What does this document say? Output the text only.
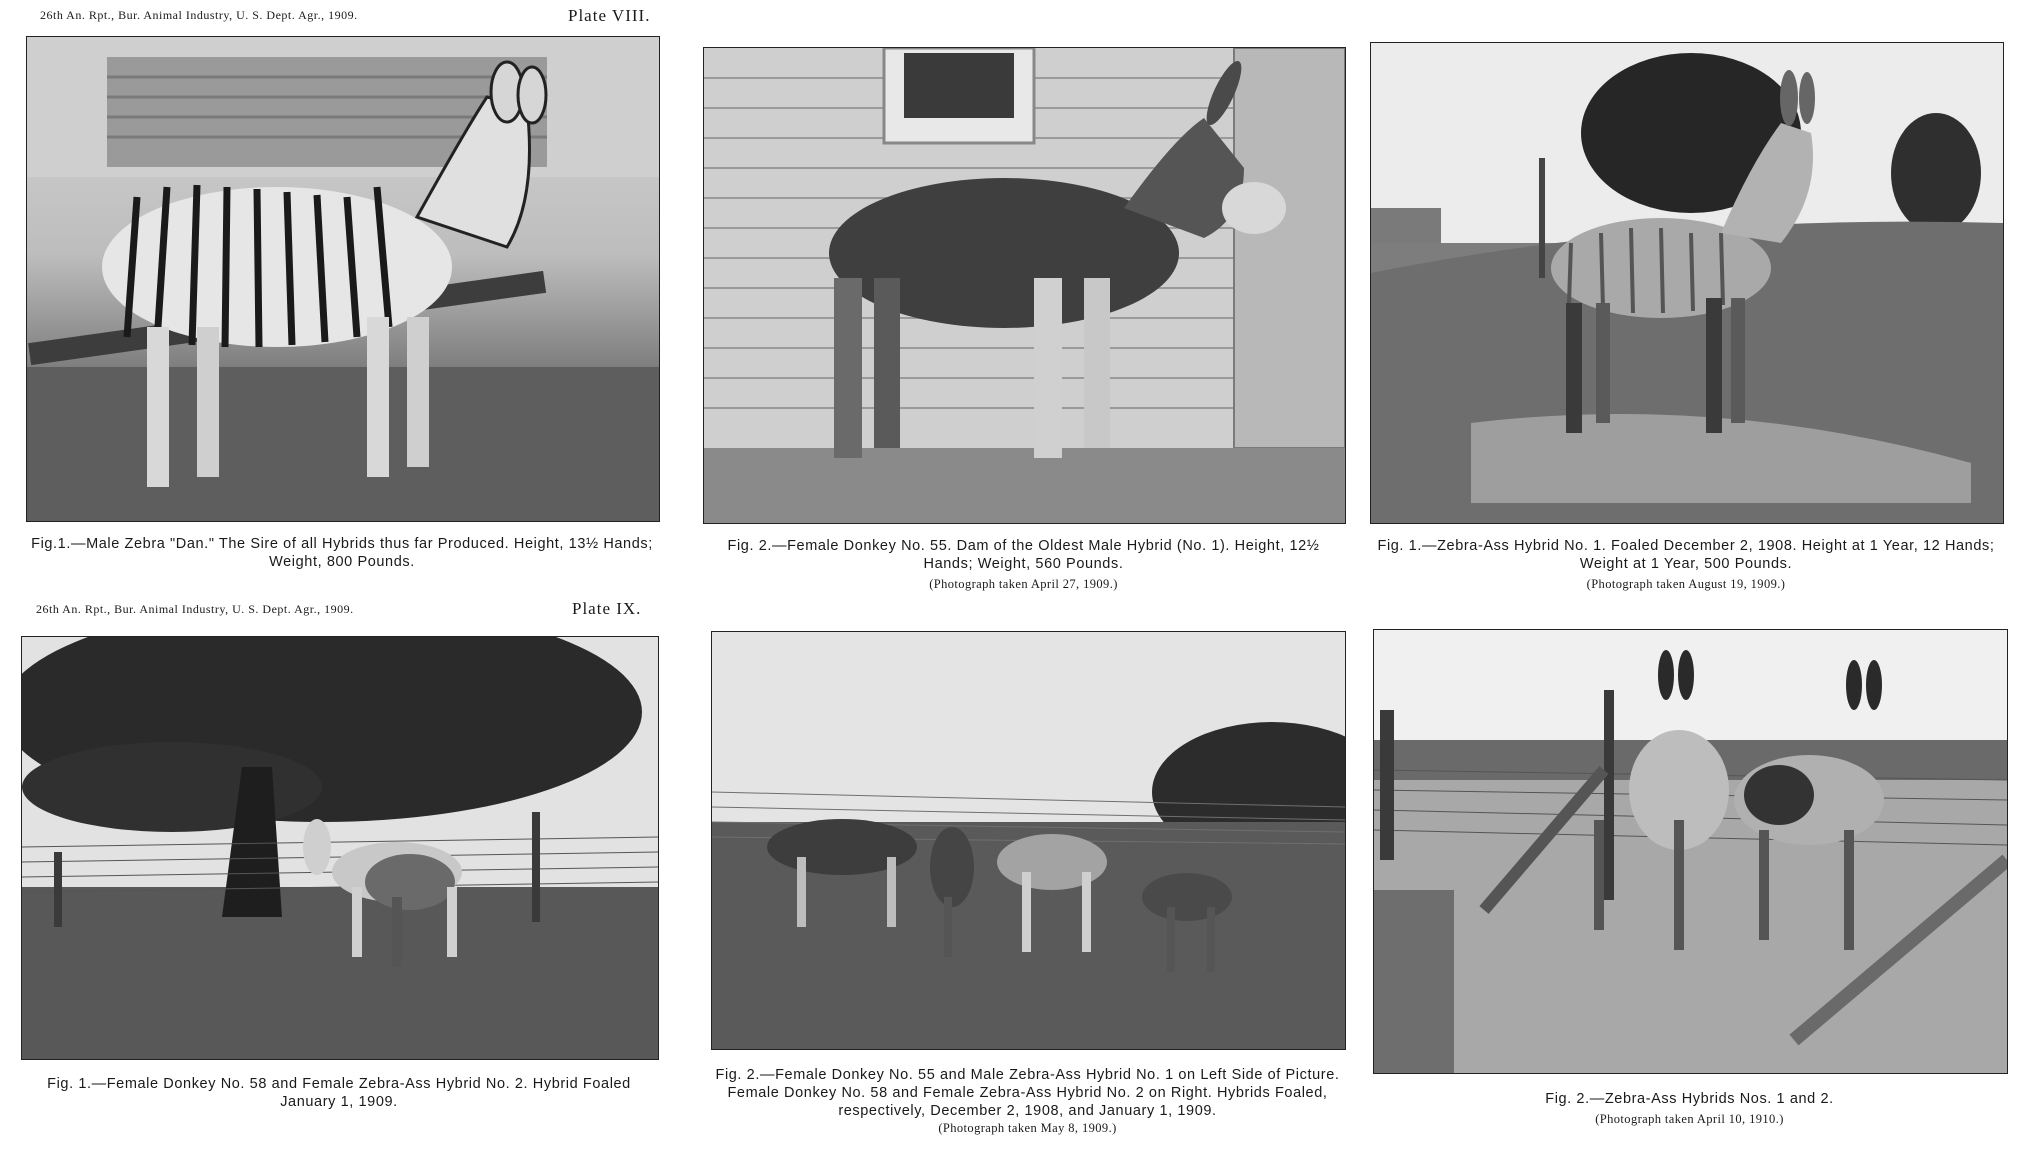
26th An. Rpt., Bur. Animal Industry, U. S. Dept. Agr., 1909.	Plate VIII.
Fig.1.—Male Zebra "Dan." The Sire of all Hybrids thus far Produced. Height, 13½ Hands; Weight, 800 Pounds.
Fig. 2.—Female Donkey No. 55. Dam of the Oldest Male Hybrid (No. 1). Height, 12½ Hands; Weight, 560 Pounds.
(Photograph taken April 27, 1909.)
Fig. 1.—Zebra-Ass Hybrid No. 1. Foaled December 2, 1908. Height at 1 Year, 12 Hands; Weight at 1 Year, 500 Pounds.
(Photograph taken August 19, 1909.)
26th An. Rpt., Bur. Animal Industry, U. S. Dept. Agr., 1909.	Plate IX.
Fig. 1.—Female Donkey No. 58 and Female Zebra-Ass Hybrid No. 2. Hybrid Foaled January 1, 1909.
Fig. 2.—Female Donkey No. 55 and Male Zebra-Ass Hybrid No. 1 on Left Side of Picture. Female Donkey No. 58 and Female Zebra-Ass Hybrid No. 2 on Right. Hybrids Foaled, respectively, December 2, 1908, and January 1, 1909.
(Photograph taken May 8, 1909.)
Fig. 2.—Zebra-Ass Hybrids Nos. 1 and 2.
(Photograph taken April 10, 1910.)
